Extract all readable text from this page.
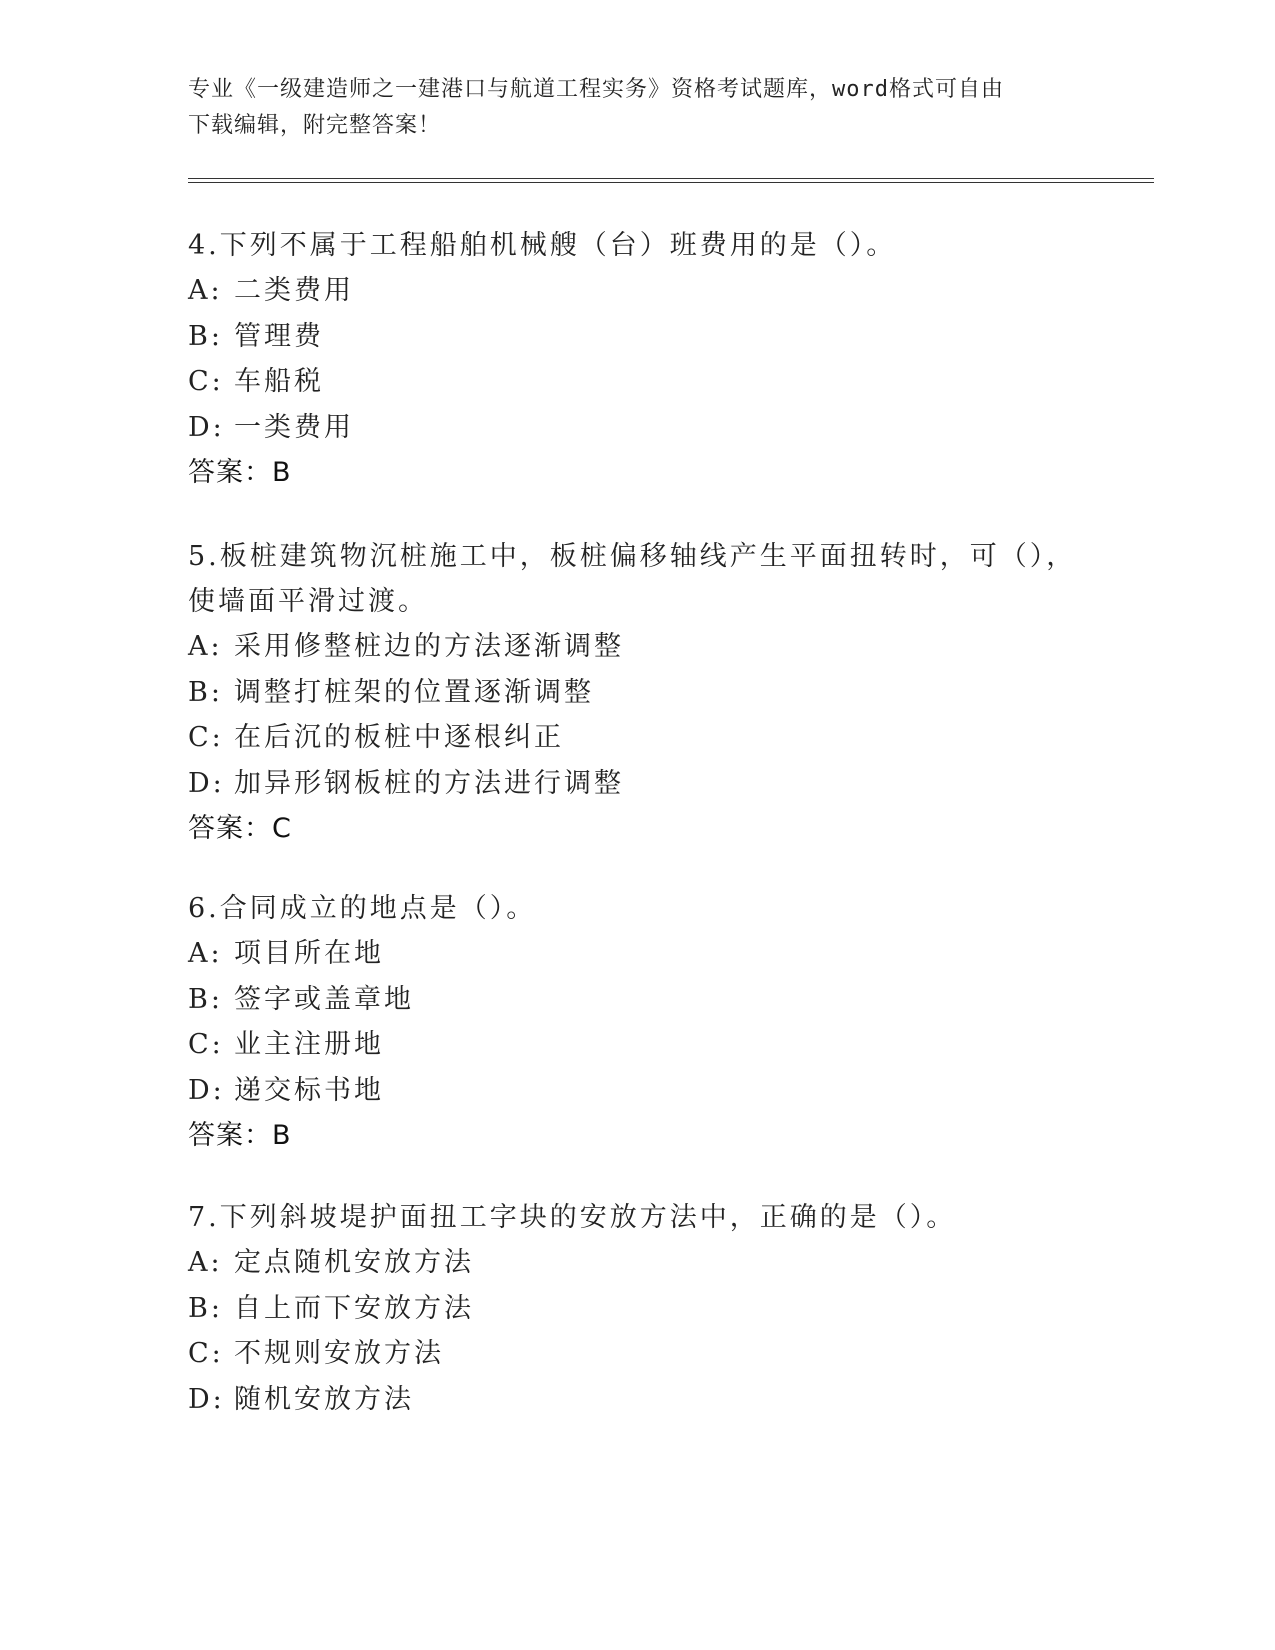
专业《一级建造师之一建港口与航道工程实务》资格考试题库，word格式可自由
下载编辑，附完整答案！
4.下列不属于工程船舶机械艘（台）班费用的是（）。
A: 二类费用
B: 管理费
C: 车船税
D: 一类费用
答案：B
5.板桩建筑物沉桩施工中，板桩偏移轴线产生平面扭转时，可（），
使墙面平滑过渡。
A: 采用修整桩边的方法逐渐调整
B: 调整打桩架的位置逐渐调整
C: 在后沉的板桩中逐根纠正
D: 加异形钢板桩的方法进行调整
答案：C
6.合同成立的地点是（）。
A: 项目所在地
B: 签字或盖章地
C: 业主注册地
D: 递交标书地
答案：B
7.下列斜坡堤护面扭工字块的安放方法中，正确的是（）。
A: 定点随机安放方法
B: 自上而下安放方法
C: 不规则安放方法
D: 随机安放方法
